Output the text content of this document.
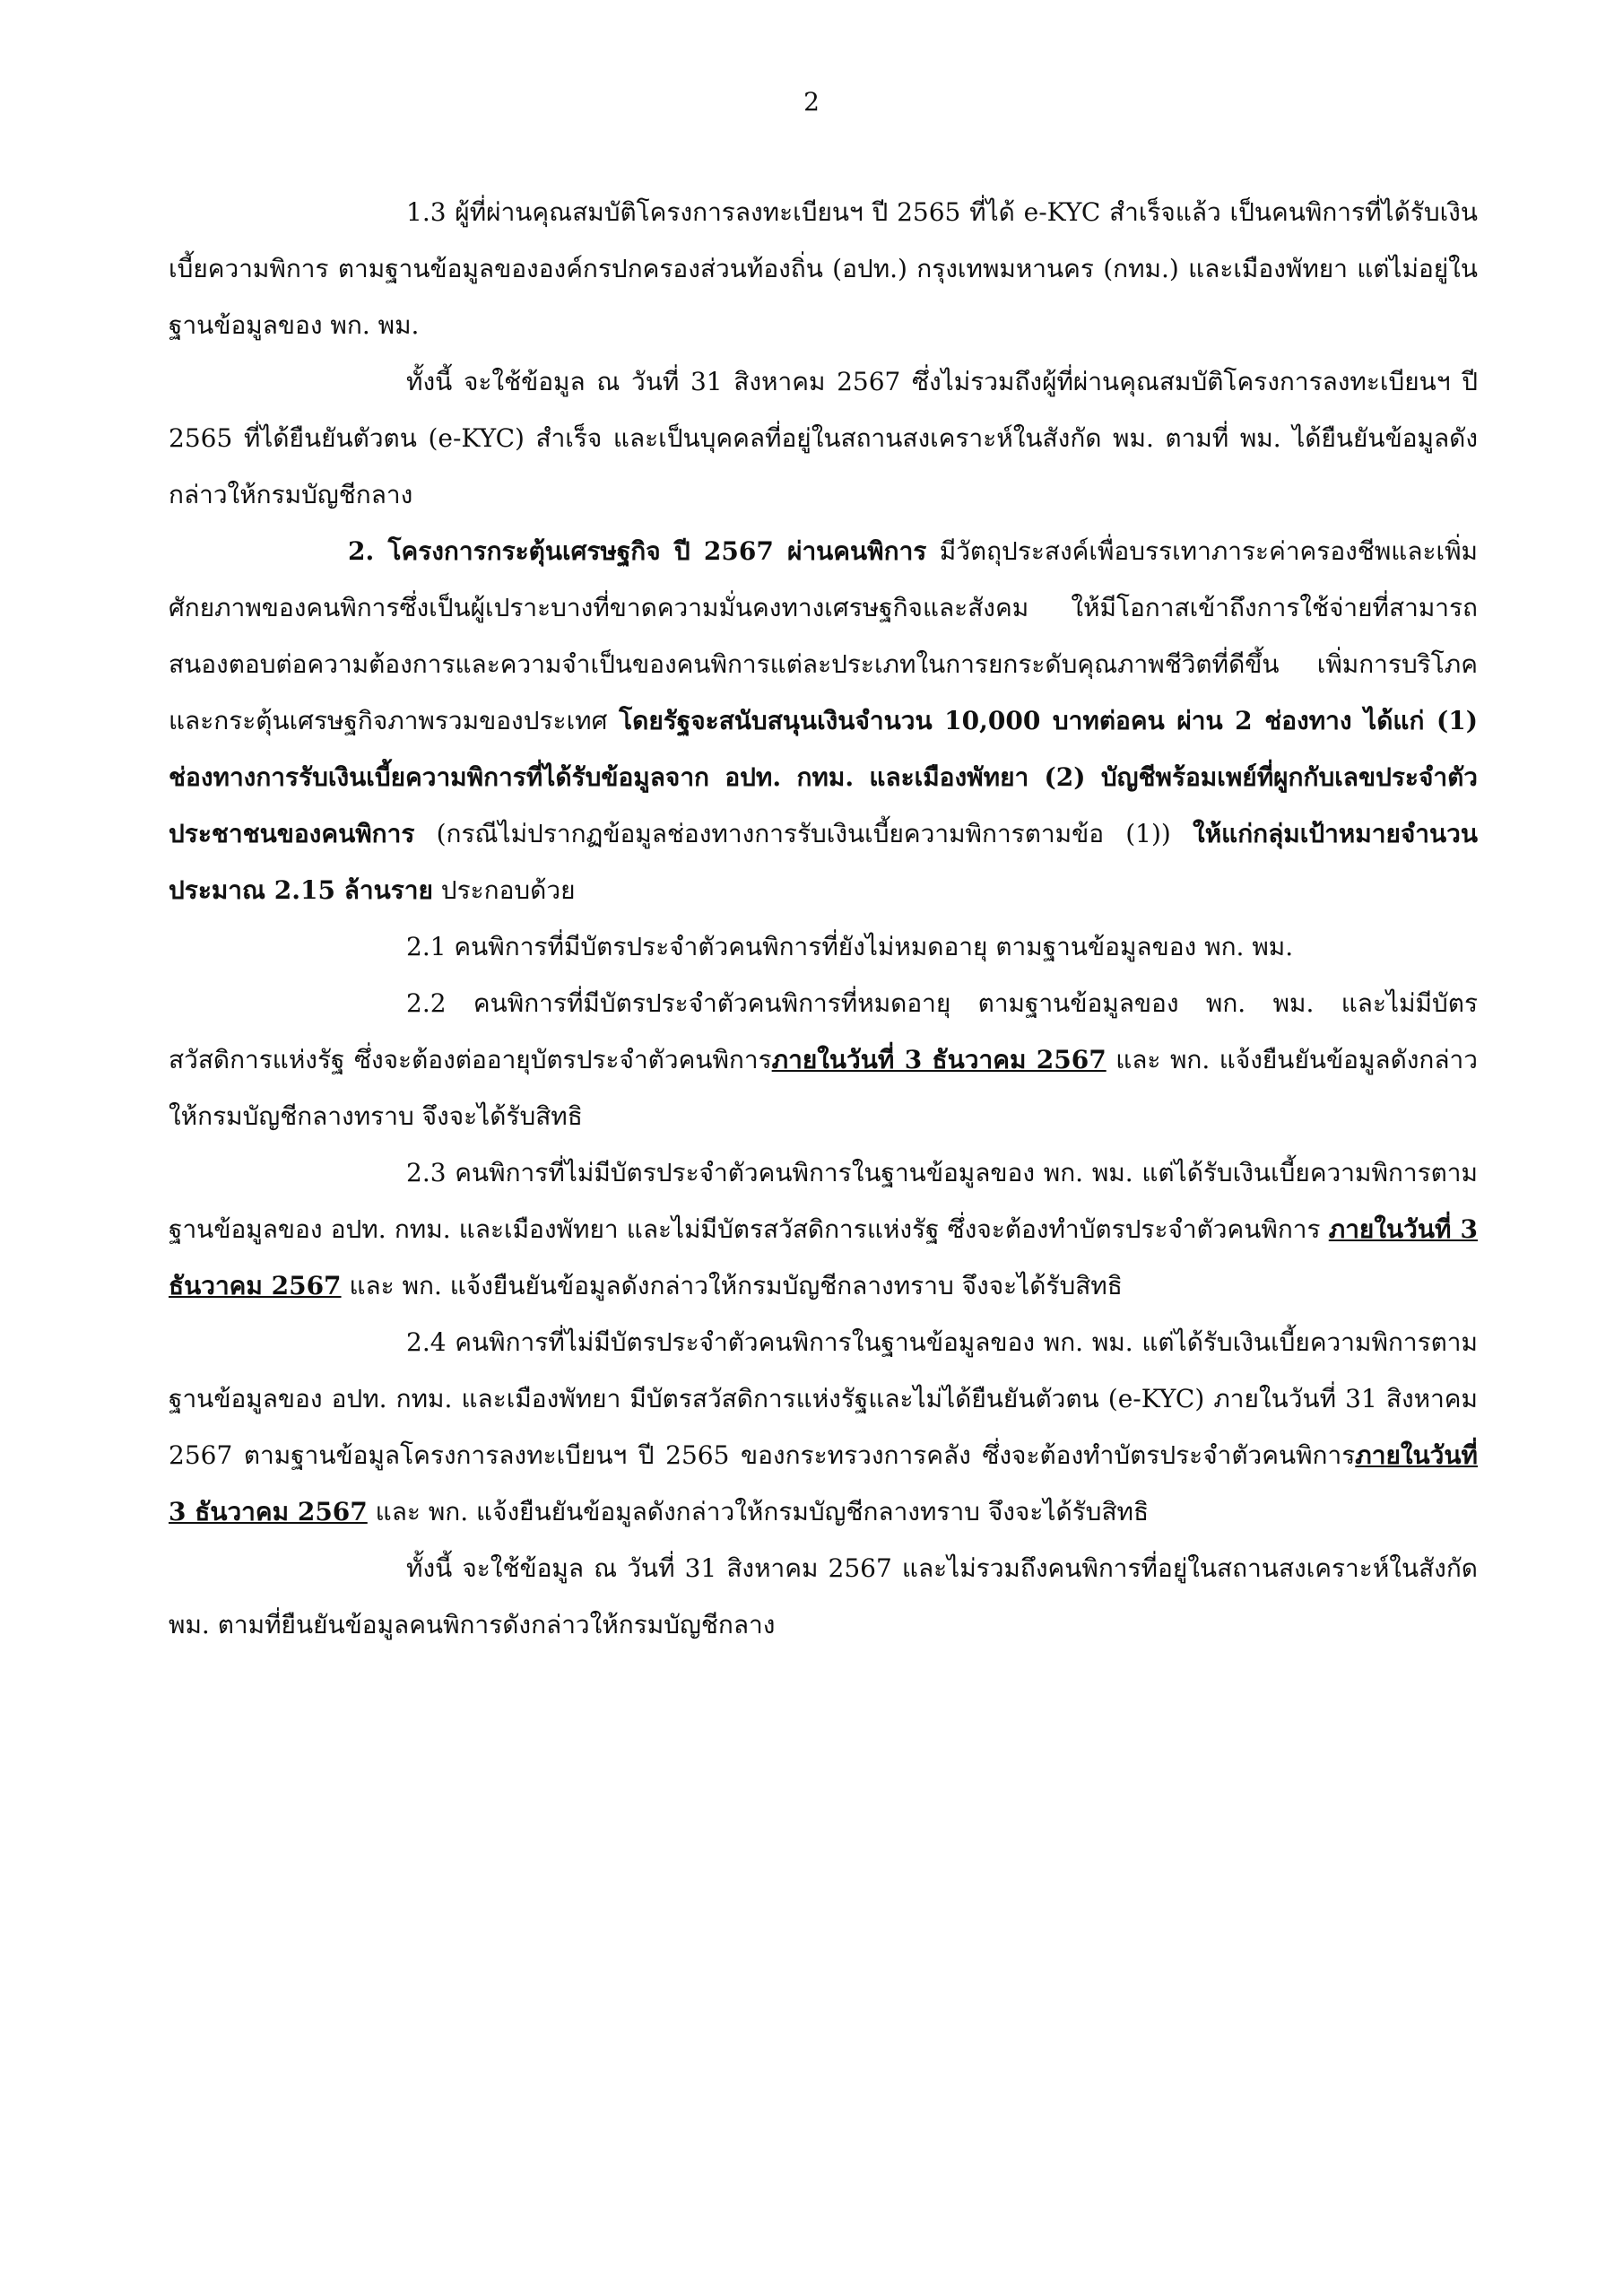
2

1.3 ผู้ที่ผ่านคุณสมบัติโครงการลงทะเบียนฯ ปี 2565 ที่ได้ e-KYC สำเร็จแล้ว เป็นคนพิการที่ได้รับเงินเบี้ยความพิการ ตามฐานข้อมูลขององค์กรปกครองส่วนท้องถิ่น (อปท.) กรุงเทพมหานคร (กทม.) และเมืองพัทยา แต่ไม่อยู่ในฐานข้อมูลของ พก. พม.

ทั้งนี้ จะใช้ข้อมูล ณ วันที่ 31 สิงหาคม 2567 ซึ่งไม่รวมถึงผู้ที่ผ่านคุณสมบัติโครงการลงทะเบียนฯ ปี 2565 ที่ได้ยืนยันตัวตน (e-KYC) สำเร็จ และเป็นบุคคลที่อยู่ในสถานสงเคราะห์ในสังกัด พม. ตามที่ พม. ได้ยืนยันข้อมูลดังกล่าวให้กรมบัญชีกลาง

2. โครงการกระตุ้นเศรษฐกิจ ปี 2567 ผ่านคนพิการ มีวัตถุประสงค์เพื่อบรรเทาภาระค่าครองชีพและเพิ่มศักยภาพของคนพิการซึ่งเป็นผู้เปราะบางที่ขาดความมั่นคงทางเศรษฐกิจและสังคม ให้มีโอกาสเข้าถึงการใช้จ่ายที่สามารถสนองตอบต่อความต้องการและความจำเป็นของคนพิการแต่ละประเภทในการยกระดับคุณภาพชีวิตที่ดีขึ้น เพิ่มการบริโภคและกระตุ้นเศรษฐกิจภาพรวมของประเทศ โดยรัฐจะสนับสนุนเงินจำนวน 10,000 บาทต่อคน ผ่าน 2 ช่องทาง ได้แก่ (1) ช่องทางการรับเงินเบี้ยความพิการที่ได้รับข้อมูลจาก อปท. กทม. และเมืองพัทยา (2) บัญชีพร้อมเพย์ที่ผูกกับเลขประจำตัวประชาชนของคนพิการ (กรณีไม่ปรากฏข้อมูลช่องทางการรับเงินเบี้ยความพิการตามข้อ (1)) ให้แก่กลุ่มเป้าหมายจำนวนประมาณ 2.15 ล้านราย ประกอบด้วย

2.1 คนพิการที่มีบัตรประจำตัวคนพิการที่ยังไม่หมดอายุ ตามฐานข้อมูลของ พก. พม.

2.2 คนพิการที่มีบัตรประจำตัวคนพิการที่หมดอายุ ตามฐานข้อมูลของ พก. พม. และไม่มีบัตรสวัสดิการแห่งรัฐ ซึ่งจะต้องต่ออายุบัตรประจำตัวคนพิการภายในวันที่ 3 ธันวาคม 2567 และ พก. แจ้งยืนยันข้อมูลดังกล่าวให้กรมบัญชีกลางทราบ จึงจะได้รับสิทธิ

2.3 คนพิการที่ไม่มีบัตรประจำตัวคนพิการในฐานข้อมูลของ พก. พม. แต่ได้รับเงินเบี้ยความพิการตามฐานข้อมูลของ อปท. กทม. และเมืองพัทยา และไม่มีบัตรสวัสดิการแห่งรัฐ ซึ่งจะต้องทำบัตรประจำตัวคนพิการ ภายในวันที่ 3 ธันวาคม 2567 และ พก. แจ้งยืนยันข้อมูลดังกล่าวให้กรมบัญชีกลางทราบ จึงจะได้รับสิทธิ

2.4 คนพิการที่ไม่มีบัตรประจำตัวคนพิการในฐานข้อมูลของ พก. พม. แต่ได้รับเงินเบี้ยความพิการตามฐานข้อมูลของ อปท. กทม. และเมืองพัทยา มีบัตรสวัสดิการแห่งรัฐและไม่ได้ยืนยันตัวตน (e-KYC) ภายในวันที่ 31 สิงหาคม 2567 ตามฐานข้อมูลโครงการลงทะเบียนฯ ปี 2565 ของกระทรวงการคลัง ซึ่งจะต้องทำบัตรประจำตัวคนพิการภายในวันที่ 3 ธันวาคม 2567 และ พก. แจ้งยืนยันข้อมูลดังกล่าวให้กรมบัญชีกลางทราบ จึงจะได้รับสิทธิ

ทั้งนี้ จะใช้ข้อมูล ณ วันที่ 31 สิงหาคม 2567 และไม่รวมถึงคนพิการที่อยู่ในสถานสงเคราะห์ในสังกัด พม. ตามที่ยืนยันข้อมูลคนพิการดังกล่าวให้กรมบัญชีกลาง
